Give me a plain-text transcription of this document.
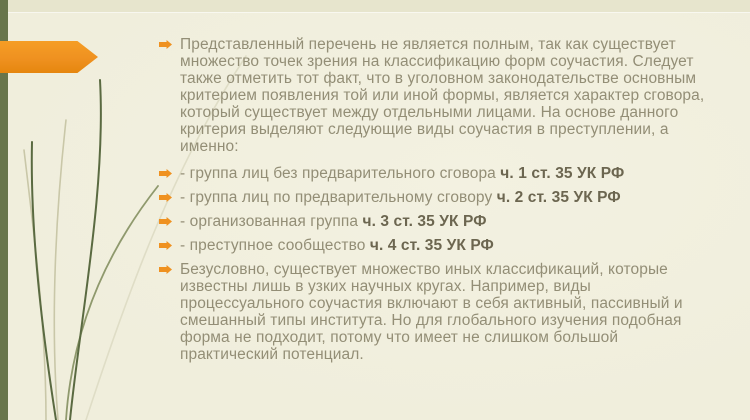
Представленный перечень не является полным, так как существует
множество точек зрения на классификацию форм соучастия. Следует
также отметить тот факт, что в уголовном законодательстве основным
критерием появления той или иной формы, является характер сговора,
который существует между отдельными лицами. На основе данного
критерия выделяют следующие виды соучастия в преступлении, а
именно:
- группа лиц без предварительного сговора ч. 1 ст. 35 УК РФ
- группа лиц по предварительному сговору ч. 2 ст. 35 УК РФ
- организованная группа ч. 3 ст. 35 УК РФ
- преступное сообщество ч. 4 ст. 35 УК РФ
Безусловно, существует множество иных классификаций, которые
известны лишь в узких научных кругах. Например, виды
процессуального соучастия включают в себя активный, пассивный и
смешанный типы института. Но для глобального изучения подобная
форма не подходит, потому что имеет не слишком большой
практический потенциал.
